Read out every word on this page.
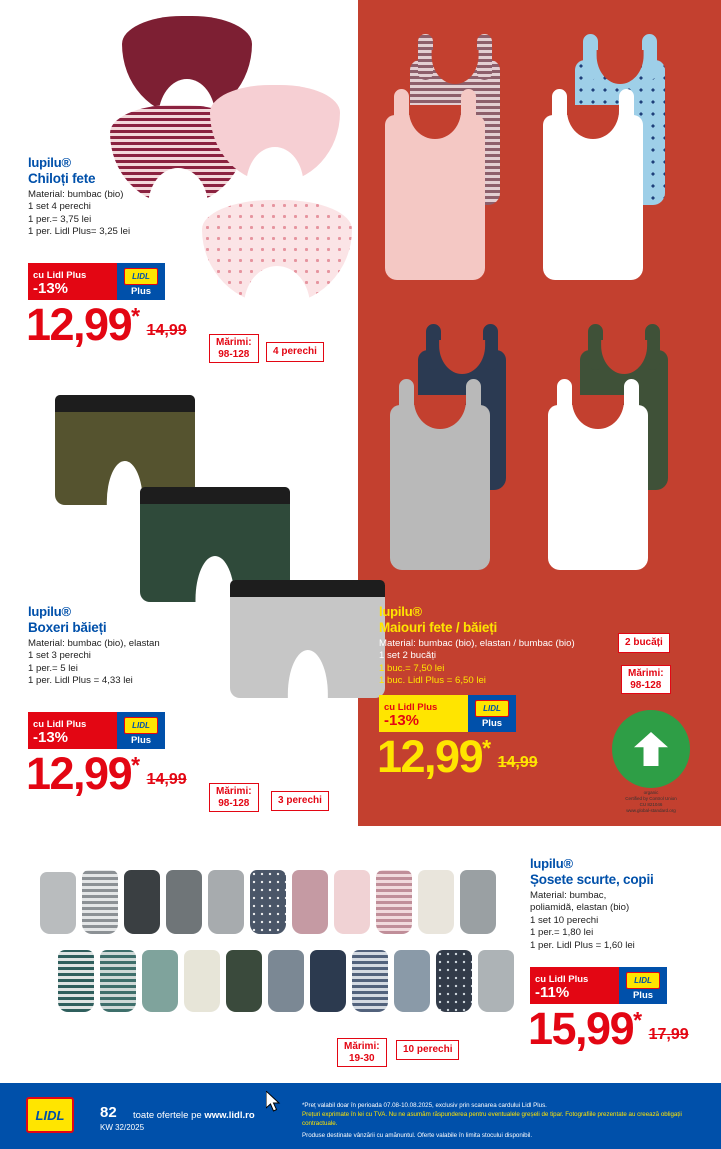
lupilu®
Chiloți fete
Material: bumbac (bio)
1 set 4 perechi
1 per.= 3,75 lei
1 per. Lidl Plus= 3,25 lei
cu Lidl Plus
-13%
LIDL
Plus
12,99*
14,99
Mărimi:
98-128	4 perechi
lupilu®
Boxeri băieți
Material: bumbac (bio), elastan
1 set 3 perechi
1 per.= 5 lei
1 per. Lidl Plus = 4,33 lei
cu Lidl Plus
-13%
LIDL
Plus
12,99*
14,99
Mărimi:
98-128	3 perechi
lupilu®
Maiouri fete / băieți
Material: bumbac (bio), elastan / bumbac (bio)
1 set 2 bucăți
1 buc.= 7,50 lei
1 buc. Lidl Plus = 6,50 lei
cu Lidl Plus
-13%
LIDL
Plus
12,99*
14,99
2 bucăți
Mărimi:
98-128
organic
Certified by Control Union
CU 821046
www.global-standard.org
lupilu®
Șosete scurte, copii
Material: bumbac,
poliamidă, elastan (bio)
1 set 10 perechi
1 per.= 1,80 lei
1 per. Lidl Plus = 1,60 lei
cu Lidl Plus
-11%
LIDL
Plus
15,99*
17,99
Mărimi:
19-30
10 perechi
LIDL	82 toate ofertele pe www.lidl.ro
KW 32/2025
*Preț valabil doar în perioada 07.08-10.08.2025, exclusiv prin scanarea cardului Lidl Plus.
Prețuri exprimate în lei cu TVA. Nu ne asumăm răspunderea pentru eventualele greșeli de tipar. Fotografiile prezentate au creează obligații contractuale.
Produse destinate vânzării cu amănuntul. Oferte valabile în limita stocului disponibil.
